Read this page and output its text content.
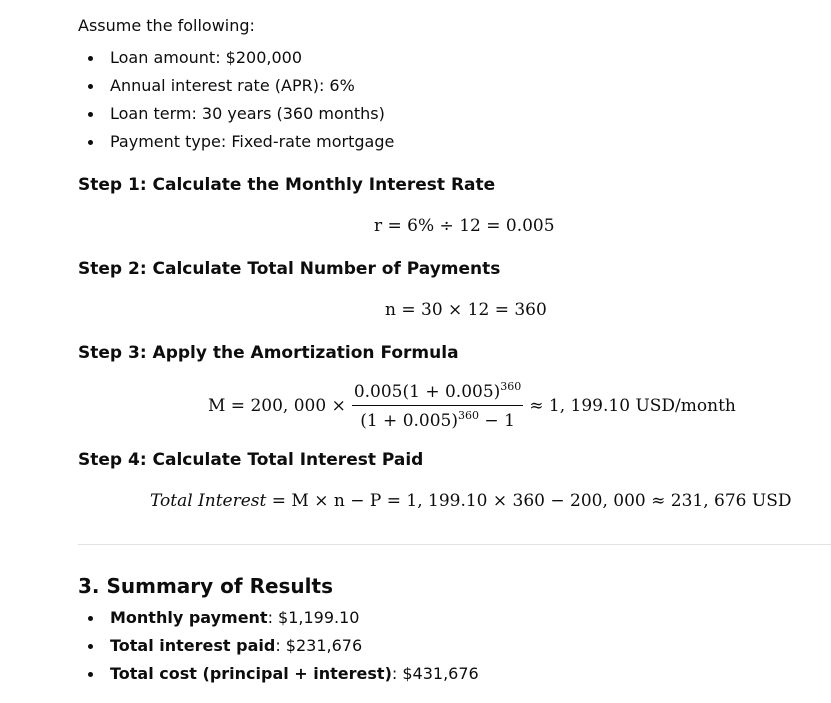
Assume the following:

Loan amount: $200,000
Annual interest rate (APR): 6%
Loan term: 30 years (360 months)
Payment type: Fixed-rate mortgage
Step 1: Calculate the Monthly Interest Rate
Step 2: Calculate Total Number of Payments
Step 3: Apply the Amortization Formula
Step 4: Calculate Total Interest Paid
r = 6% ÷ 12 = 0.005
n = 30 × 12 = 360
M = 200, $000 \times \frac{0.005(1 + 0.005)^{360}}{(1 + 0.005)^{360} - 1} \approx 1$, 199.10 USD/month
Total Interest = M × n − P = 1, 199.10 × 360 − 200, 000 ≈ 231, 676 USD
3. Summary of Results
Monthly payment: $1,199.10
Total interest paid: $231,676
Total cost (principal + interest): $431,676
